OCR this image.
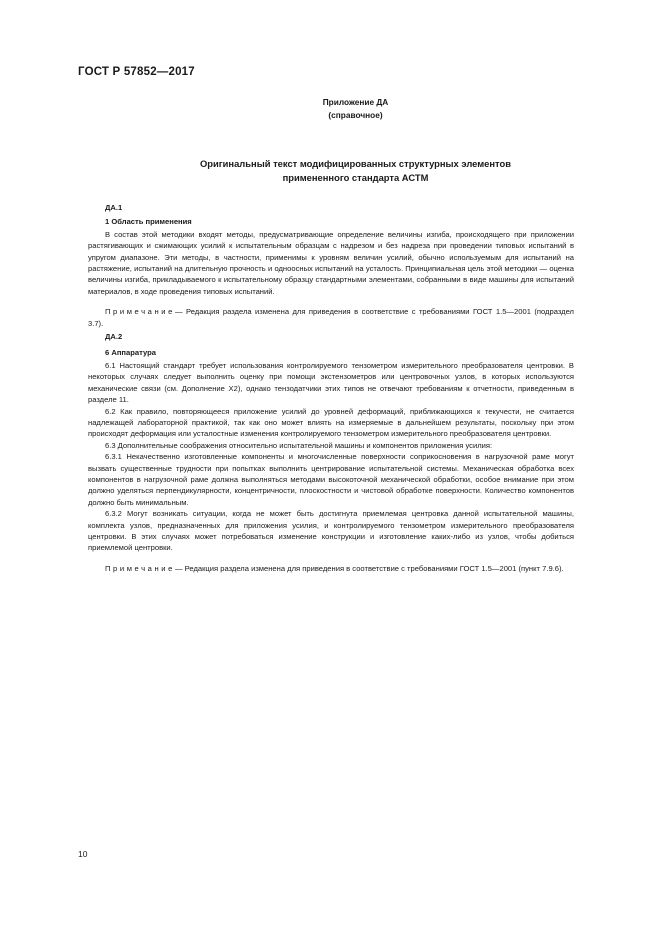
ГОСТ Р 57852—2017
Приложение ДА
(справочное)
Оригинальный текст модифицированных структурных элементов
примененного стандарта АСТМ
ДА.1
1 Область применения

В состав этой методики входят методы, предусматривающие определение величины изгиба, происходящего при приложении растягивающих и сжимающих усилий к испытательным образцам с надрезом и без надреза при проведении типовых испытаний в упругом диапазоне. Эти методы, в частности, применимы к уровням величин усилий, обычно используемым для испытаний на растяжение, испытаний на длительную прочность и одноосных испытаний на усталость. Принципиальная цель этой методики — оценка величины изгиба, прикладываемого к испытательному образцу стандартными элементами, собранными в виде машины для испытаний материалов, в ходе проведения типовых испытаний.

Примечание— Редакция раздела изменена для приведения в соответствие с требованиями ГОСТ 1.5—2001 (подраздел 3.7).

ДА.2
6 Аппаратура

6.1 Настоящий стандарт требует использования контролируемого тензометром измерительного преобразователя центровки. В некоторых случаях следует выполнить оценку при помощи экстензометров или центровочных узлов, в которых используются механические связи (см. Дополнение X2), однако тензодатчики этих типов не отвечают требованиям к отчетности, приведенным в разделе 11.

6.2 Как правило, повторяющееся приложение усилий до уровней деформаций, приближающихся к текучести, не считается надлежащей лабораторной практикой, так как оно может влиять на измеряемые в дальнейшем результаты, поскольку при этом происходят деформация или усталостные изменения контролируемого тензометром измерительного преобразователя центровки.

6.3 Дополнительные соображения относительно испытательной машины и компонентов приложения усилия:

6.3.1 Некачественно изготовленные компоненты и многочисленные поверхности соприкосновения в нагрузочной раме могут вызвать существенные трудности при попытках выполнить центрирование испытательной системы. Механическая обработка всех компонентов в нагрузочной раме должна выполняться методами высокоточной механической обработки, особое внимание при этом должно уделяться перпендикулярности, концентричности, плоскостности и чистовой обработке поверхности. Количество компонентов должно быть минимальным.

6.3.2 Могут возникать ситуации, когда не может быть достигнута приемлемая центровка данной испытательной машины, комплекта узлов, предназначенных для приложения усилия, и контролируемого тензометром измерительного преобразователя центровки. В этих случаях может потребоваться изменение конструкции и изготовление каких-либо из узлов, чтобы добиться приемлемой центровки.

Примечание— Редакция раздела изменена для приведения в соответствие с требованиями ГОСТ 1.5—2001 (пункт 7.9.6).

10
